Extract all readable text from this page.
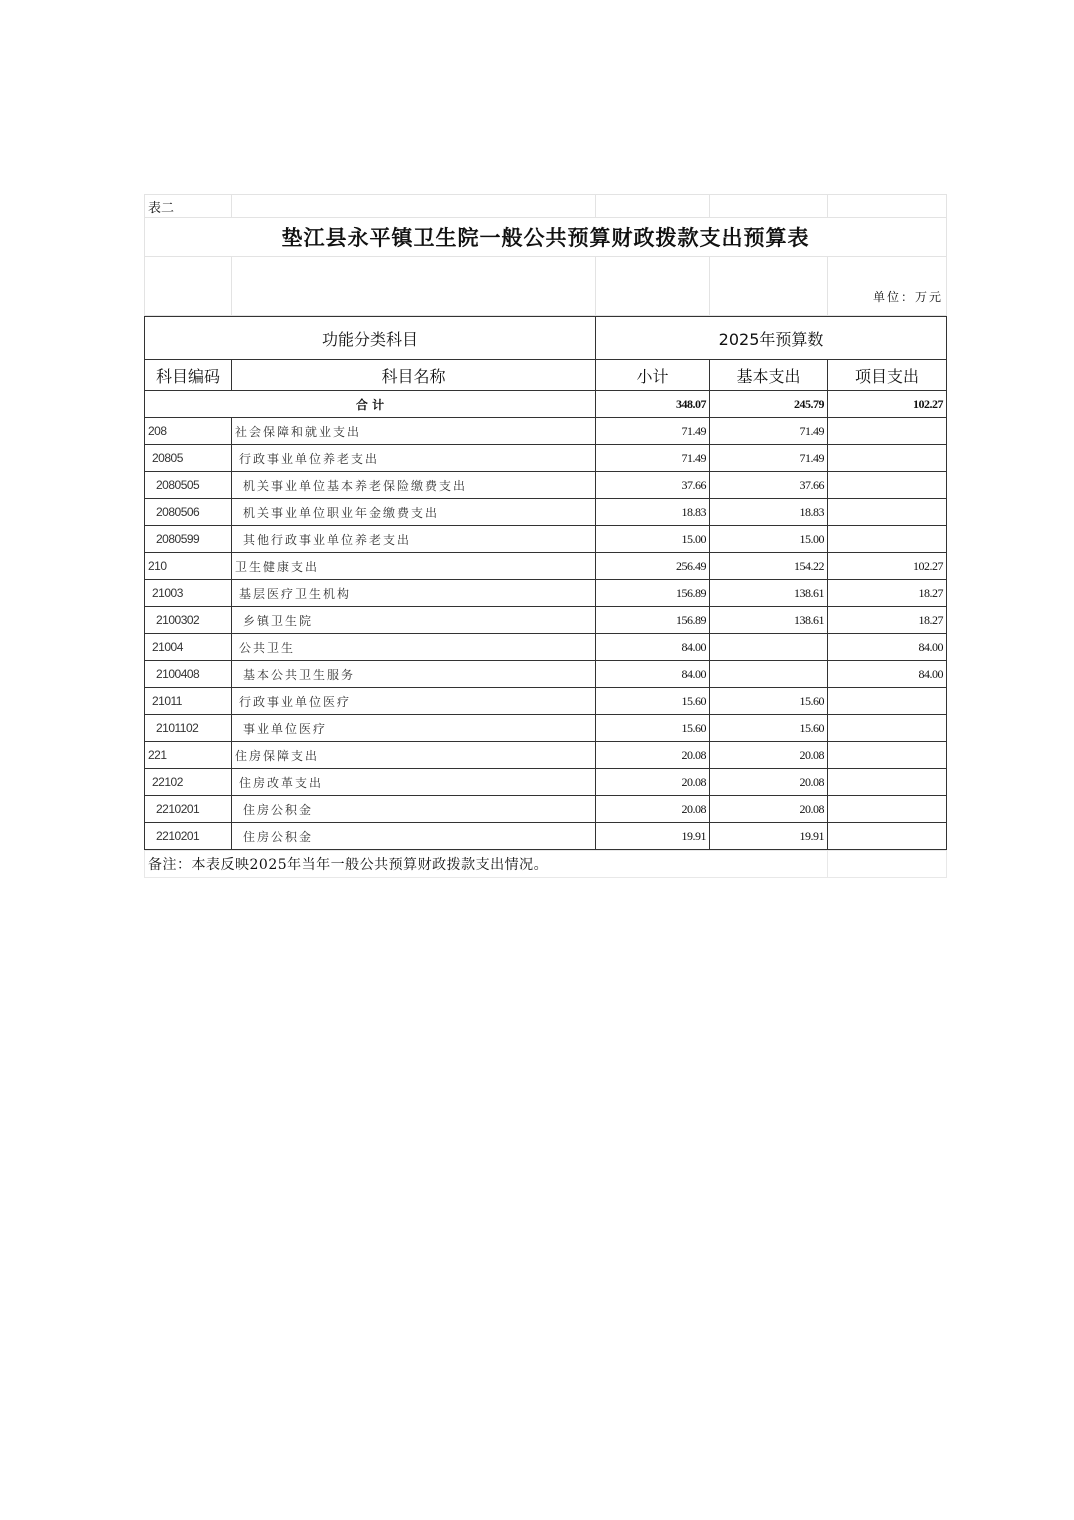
表二				
垫江县永平镇卫生院一般公共预算财政拨款支出预算表				
				单位：万元
功能分类科目		2025年预算数		
科目编码	科目名称	小计	基本支出	项目支出
合 计		348.07	245.79	102.27
208	社会保障和就业支出	71.49	71.49	
20805	行政事业单位养老支出	71.49	71.49	
2080505	机关事业单位基本养老保险缴费支出	37.66	37.66	
2080506	机关事业单位职业年金缴费支出	18.83	18.83	
2080599	其他行政事业单位养老支出	15.00	15.00	
210	卫生健康支出	256.49	154.22	102.27
21003	基层医疗卫生机构	156.89	138.61	18.27
2100302	乡镇卫生院	156.89	138.61	18.27
21004	公共卫生	84.00		84.00
2100408	基本公共卫生服务	84.00		84.00
21011	行政事业单位医疗	15.60	15.60	
2101102	事业单位医疗	15.60	15.60	
221	住房保障支出	20.08	20.08	
22102	住房改革支出	20.08	20.08	
2210201	住房公积金	20.08	20.08	
2210201	住房公积金	19.91	19.91	
备注：本表反映2025年当年一般公共预算财政拨款支出情况。	
